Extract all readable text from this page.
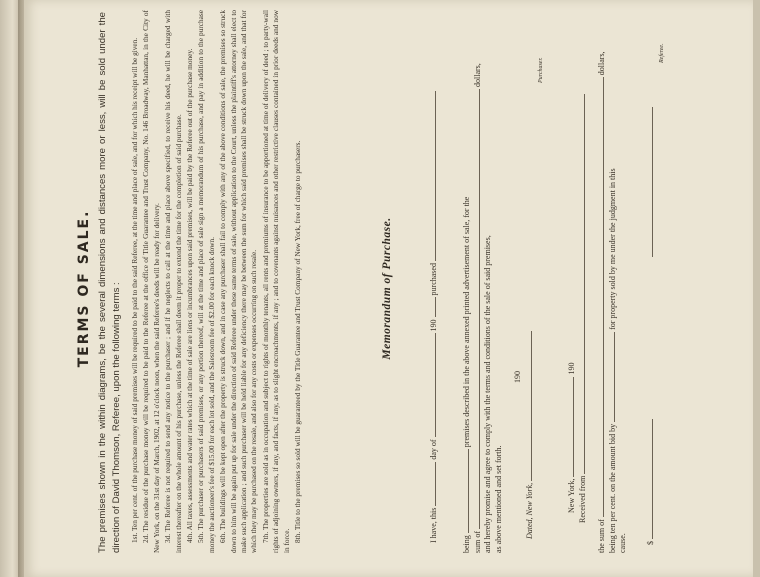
TERMS OF SALE. The premises shown in the within diagrams, be the several dimensions and distances more or less, will be sold under the direction of David Thomson, Referee, upon the following terms : 1st. Ten per cent. of the purchase money of said premises will be required to be paid to the said Referee, at the time and place of sale, and for which his receipt will be given. 2d. The residue of the purchase money will be required to be paid to the Referee at the office of Title Guarantee and Trust Company, No. 146 Broadway, Manhattan, in the City of New York, on the 31st day of March, 1902, at 12 o'clock noon, when the said Referee's deeds will be ready for delivery. 3d. The Referee is not required to send any notice to the purchaser ; and if he neglects to call at the time and place above specified, to receive his deed, he will be charged with interest thereafter on the whole amount of his purchase, unless the Referee shall deem it proper to extend the time for the completion of said purchase. 4th. All taxes, assessments and water rates which at the time of sale are liens or incumbrances upon said premises, will be paid by the Referee out of the purchase money. 5th. The purchaser or purchasers of said premises, or any portion thereof, will at the time and place of sale sign a memorandum of his purchase, and pay in addition to the purchase money the auctioneer's fee of $15.00 for each lot sold, and the Salesroom fee of $2.00 for each knock down. 6th. The buildings will be kept open after the property is struck down, and in case any purchaser shall fail to comply with any of the above conditions of sale, the premises so struck down to him will be again put up for sale under the direction of said Referee under these same terms of sale, without application to the Court, unless the plaintiff's attorney shall elect to make such application ; and such purchaser will be held liable for any deficiency there may be between the sum for which said premises shall be struck down upon the sale, and that for which they may be purchased on the resale, and also for any costs or expenses occurring on such resale. 7th. The properties are sold as in occupation and subject to rights of monthly tenants, all rents and premiums of insurance to be apportioned at time of delivery of deed ; to party-wall rights of adjoining owners, if any, and facts, if any, as to slight encroachments, if any ; and to covenants against nuisances and other restrictive clauses contained in prior deeds and now in force. 8th. Title to the premises so sold will be guaranteed by the Title Guarantee and Trust Company of New York, free of charge to purchasers.	Memorandum of Purchase.
I have, this  day of  190  purchased
being  premises described in the above annexed printed advertisement of sale, for the
sum of  dollars,
and hereby promise and agree to comply with the terms and conditions of the sale of said premises, as above mentioned and set forth.
190
Dated, New York,
Purchaser.
New York,  190
Received from
the sum of  dollars,
being ten per cent. on the amount bid by  for property sold by me under the judgment in this
cause. $
Referee.
